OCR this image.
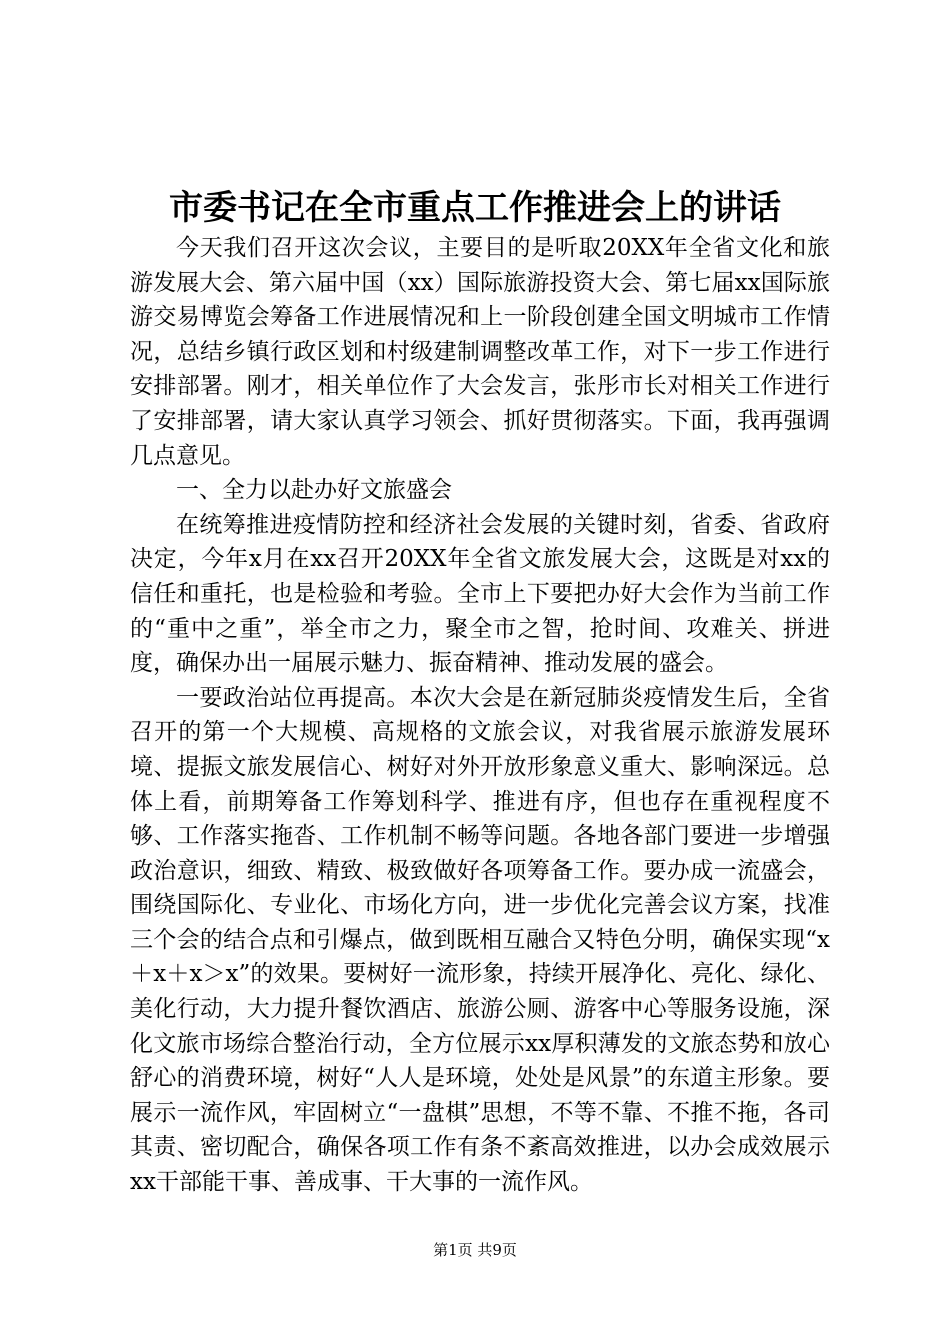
市委书记在全市重点工作推进会上的讲话

今天我们召开这次会议，主要目的是听取20XX年全省文化和旅游发展大会、第六届中国（xx）国际旅游投资大会、第七届xx国际旅游交易博览会筹备工作进展情况和上一阶段创建全国文明城市工作情况，总结乡镇行政区划和村级建制调整改革工作，对下一步工作进行安排部署。刚才，相关单位作了大会发言，张彤市长对相关工作进行了安排部署，请大家认真学习领会、抓好贯彻落实。下面，我再强调几点意见。

一、全力以赴办好文旅盛会

在统筹推进疫情防控和经济社会发展的关键时刻，省委、省政府决定，今年x月在xx召开20XX年全省文旅发展大会，这既是对xx的信任和重托，也是检验和考验。全市上下要把办好大会作为当前工作的“重中之重”，举全市之力，聚全市之智，抢时间、攻难关、拼进度，确保办出一届展示魅力、振奋精神、推动发展的盛会。

一要政治站位再提高。本次大会是在新冠肺炎疫情发生后，全省召开的第一个大规模、高规格的文旅会议，对我省展示旅游发展环境、提振文旅发展信心、树好对外开放形象意义重大、影响深远。总体上看，前期筹备工作筹划科学、推进有序，但也存在重视程度不够、工作落实拖沓、工作机制不畅等问题。各地各部门要进一步增强政治意识，细致、精致、极致做好各项筹备工作。要办成一流盛会，围绕国际化、专业化、市场化方向，进一步优化完善会议方案，找准三个会的结合点和引爆点，做到既相互融合又特色分明，确保实现“x＋x＋x＞x”的效果。要树好一流形象，持续开展净化、亮化、绿化、美化行动，大力提升餐饮酒店、旅游公厕、游客中心等服务设施，深化文旅市场综合整治行动，全方位展示xx厚积薄发的文旅态势和放心舒心的消费环境，树好“人人是环境，处处是风景”的东道主形象。要展示一流作风，牢固树立“一盘棋”思想，不等不靠、不推不拖，各司其责、密切配合，确保各项工作有条不紊高效推进，以办会成效展示xx干部能干事、善成事、干大事的一流作风。

第1页 共9页
